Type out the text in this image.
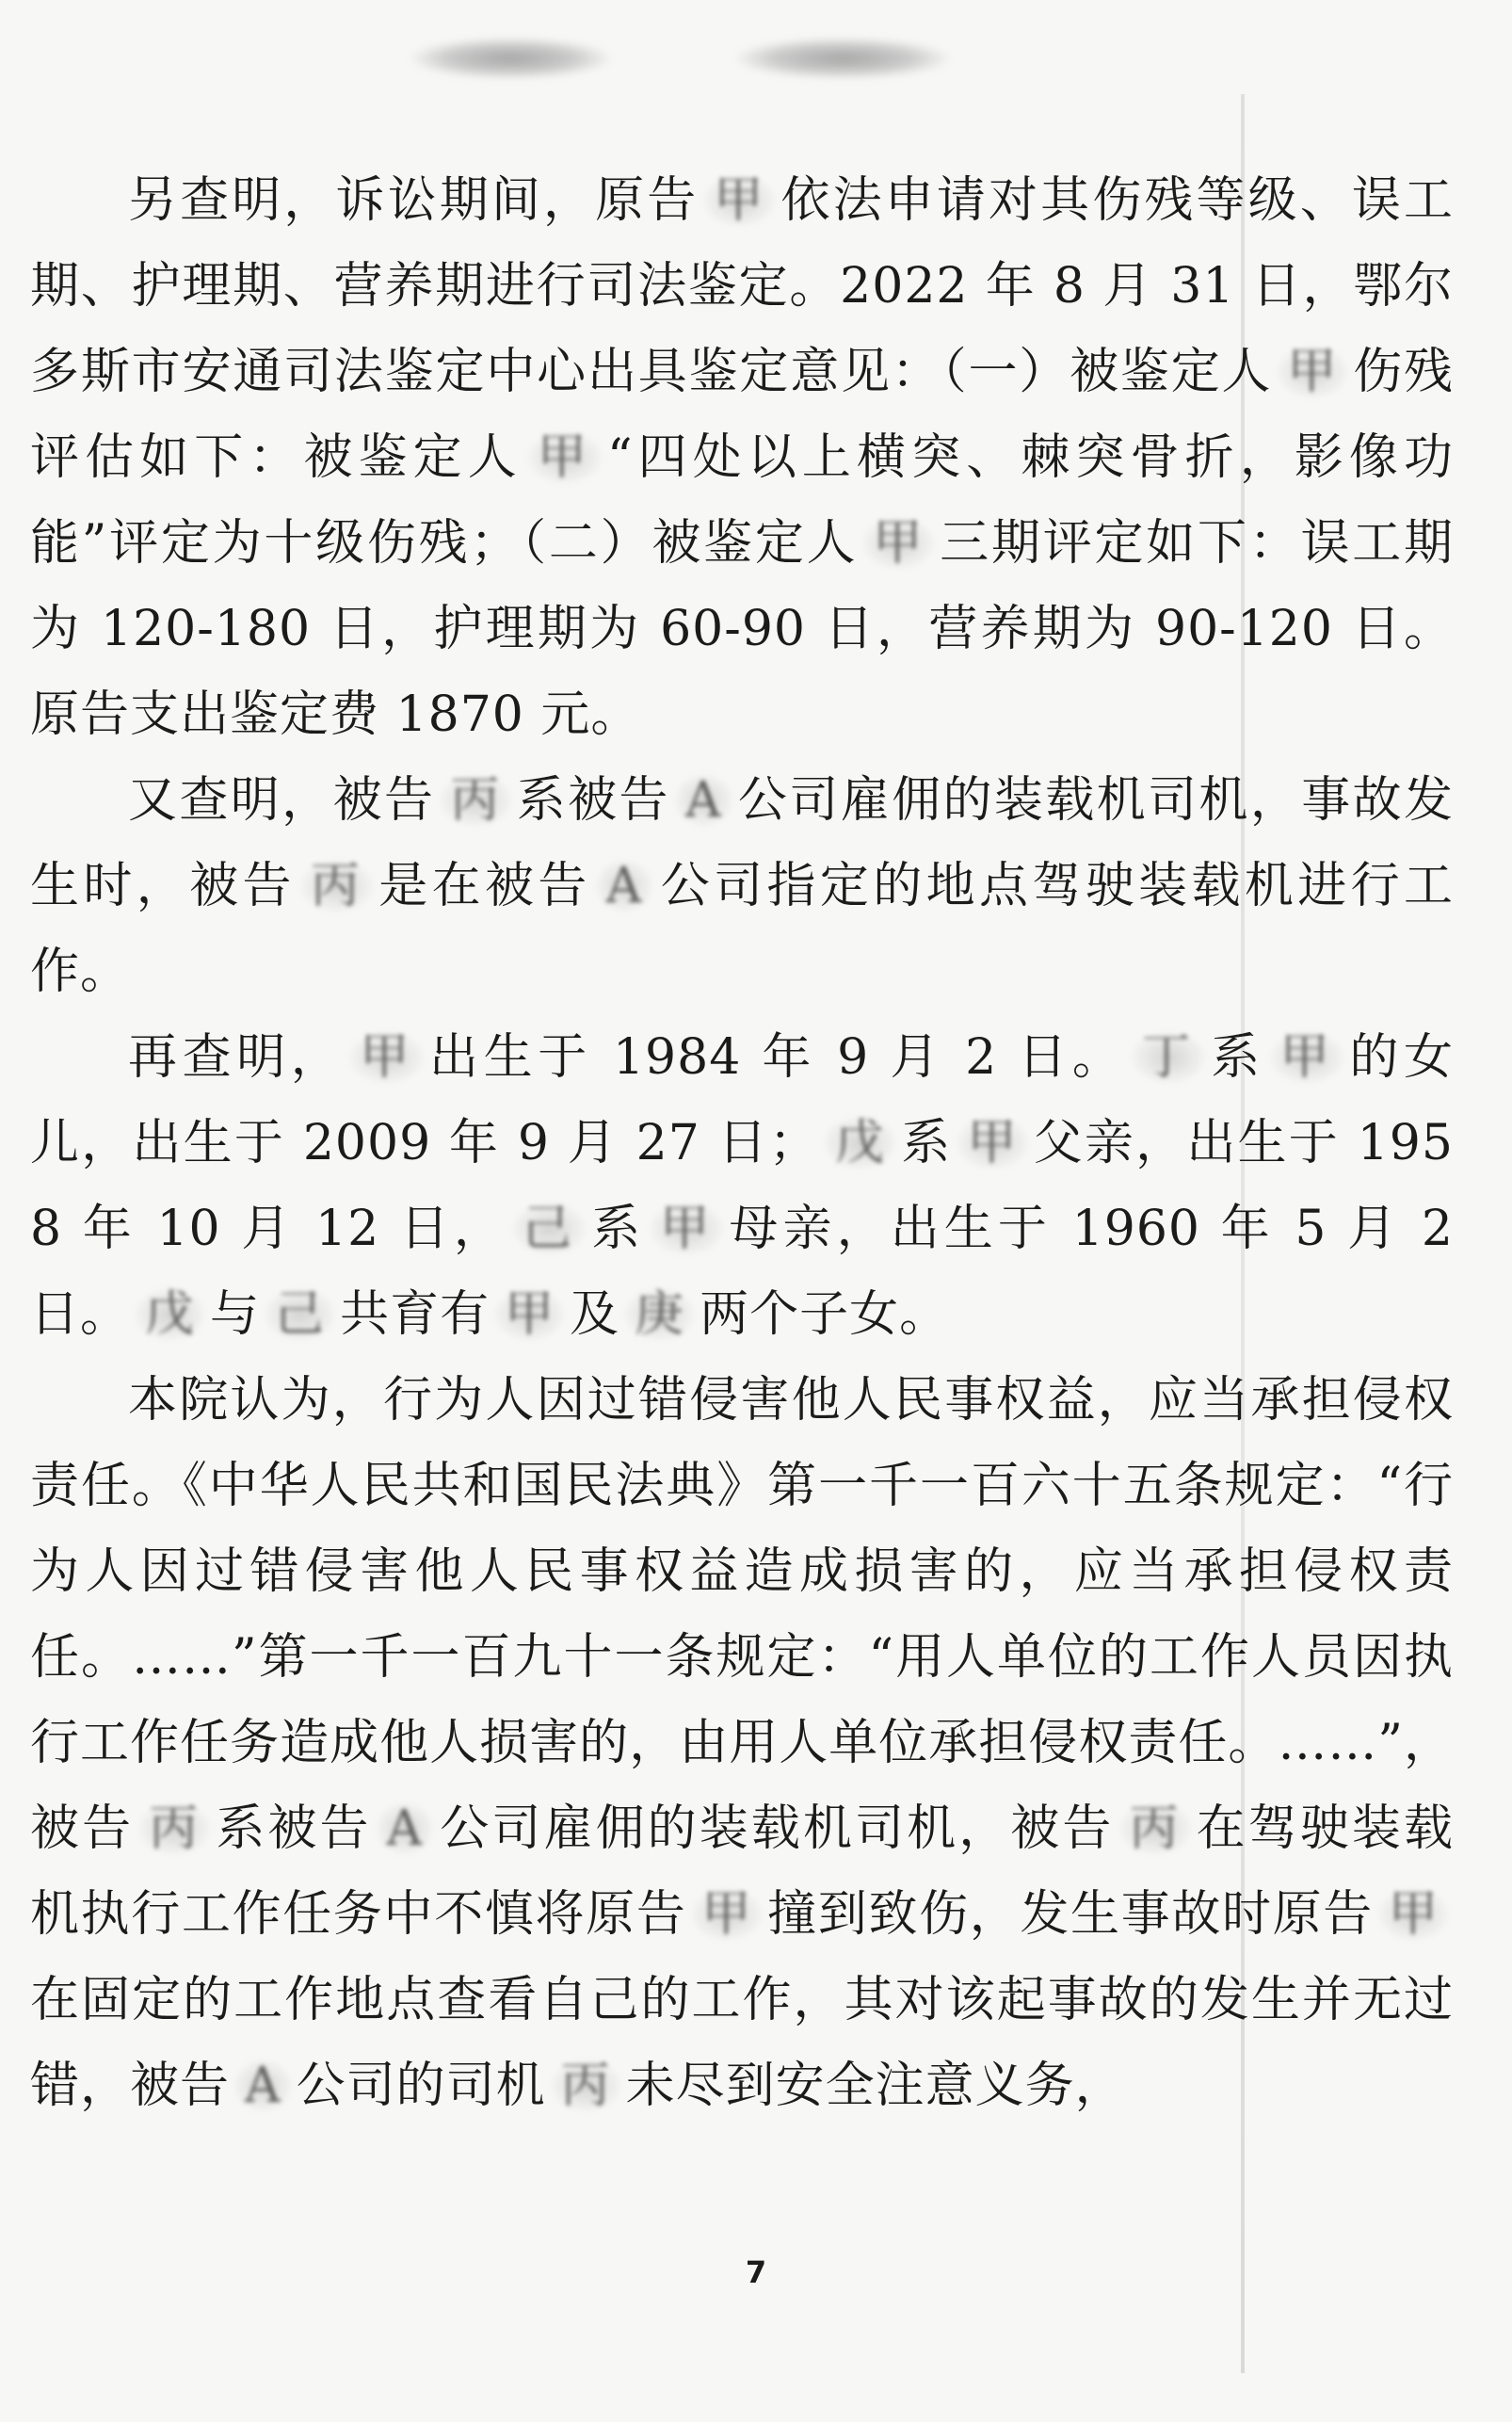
另查明，诉讼期间，原告 甲 依法申请对其伤残等级、误工期、护理期、营养期进行司法鉴定。2022 年 8 月 31 日，鄂尔多斯市安通司法鉴定中心出具鉴定意见：（一）被鉴定人 甲 伤残评估如下：被鉴定人 甲 “四处以上横突、棘突骨折，影像功能”评定为十级伤残；（二）被鉴定人 甲 三期评定如下：误工期为 120-180 日，护理期为 60-90 日，营养期为 90-120 日。原告支出鉴定费 1870 元。

又查明，被告 丙 系被告 A 公司雇佣的装载机司机，事故发生时，被告 丙 是在被告 A 公司指定的地点驾驶装载机进行工作。

再查明， 甲 出生于 1984 年 9 月 2 日。 丁 系 甲 的女儿，出生于 2009 年 9 月 27 日； 戊 系 甲 父亲，出生于 1958 年 10 月 12 日， 己 系 甲 母亲，出生于 1960 年 5 月 2 日。 戊 与 己 共育有 甲 及 庚 两个子女。

本院认为，行为人因过错侵害他人民事权益，应当承担侵权责任。《中华人民共和国民法典》第一千一百六十五条规定：“行为人因过错侵害他人民事权益造成损害的，应当承担侵权责任。……”第一千一百九十一条规定：“用人单位的工作人员因执行工作任务造成他人损害的，由用人单位承担侵权责任。……”，被告 丙 系被告 A 公司雇佣的装载机司机，被告 丙 在驾驶装载机执行工作任务中不慎将原告 甲 撞到致伤，发生事故时原告 甲在固定的工作地点查看自己的工作，其对该起事故的发生并无过错，被告 A 公司的司机 丙 未尽到安全注意义务，

7
